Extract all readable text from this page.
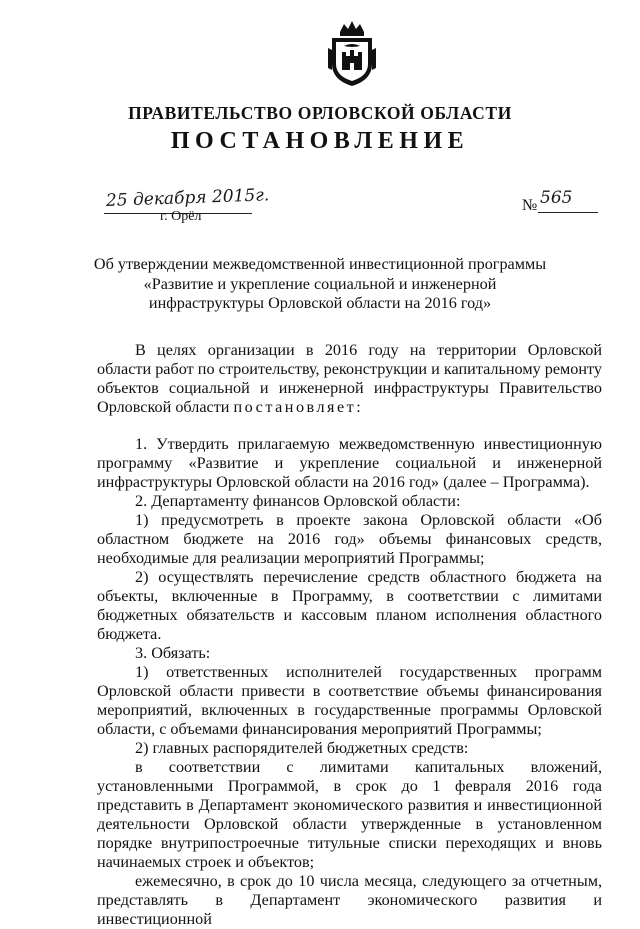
ПРАВИТЕЛЬСТВО ОРЛОВСКОЙ ОБЛАСТИ
ПОСТАНОВЛЕНИЕ
25 декабря 2015г.
г. Орёл
№ 565
Об утверждении межведомственной инвестиционной программы «Развитие и укрепление социальной и инженерной инфраструктуры Орловской области на 2016 год»

В целях организации в 2016 году на территории Орловской области работ по строительству, реконструкции и капитальному ремонту объектов социальной и инженерной инфраструктуры Правительство Орловской области постановляет:

1. Утвердить прилагаемую межведомственную инвестиционную программу «Развитие и укрепление социальной и инженерной инфраструктуры Орловской области на 2016 год» (далее – Программа).

2. Департаменту финансов Орловской области:

1) предусмотреть в проекте закона Орловской области «Об областном бюджете на 2016 год» объемы финансовых средств, необходимые для реализации мероприятий Программы;

2) осуществлять перечисление средств областного бюджета на объекты, включенные в Программу, в соответствии с лимитами бюджетных обязательств и кассовым планом исполнения областного бюджета.

3. Обязать:

1) ответственных исполнителей государственных программ Орловской области привести в соответствие объемы финансирования мероприятий, включенных в государственные программы Орловской области, с объемами финансирования мероприятий Программы;

2) главных распорядителей бюджетных средств:

в соответствии с лимитами капитальных вложений, установленными Программой, в срок до 1 февраля 2016 года представить в Департамент экономического развития и инвестиционной деятельности Орловской области утвержденные в установленном порядке внутрипостроечные титульные списки переходящих и вновь начинаемых строек и объектов;

ежемесячно, в срок до 10 числа месяца, следующего за отчетным, представлять в Департамент экономического развития и инвестиционной
